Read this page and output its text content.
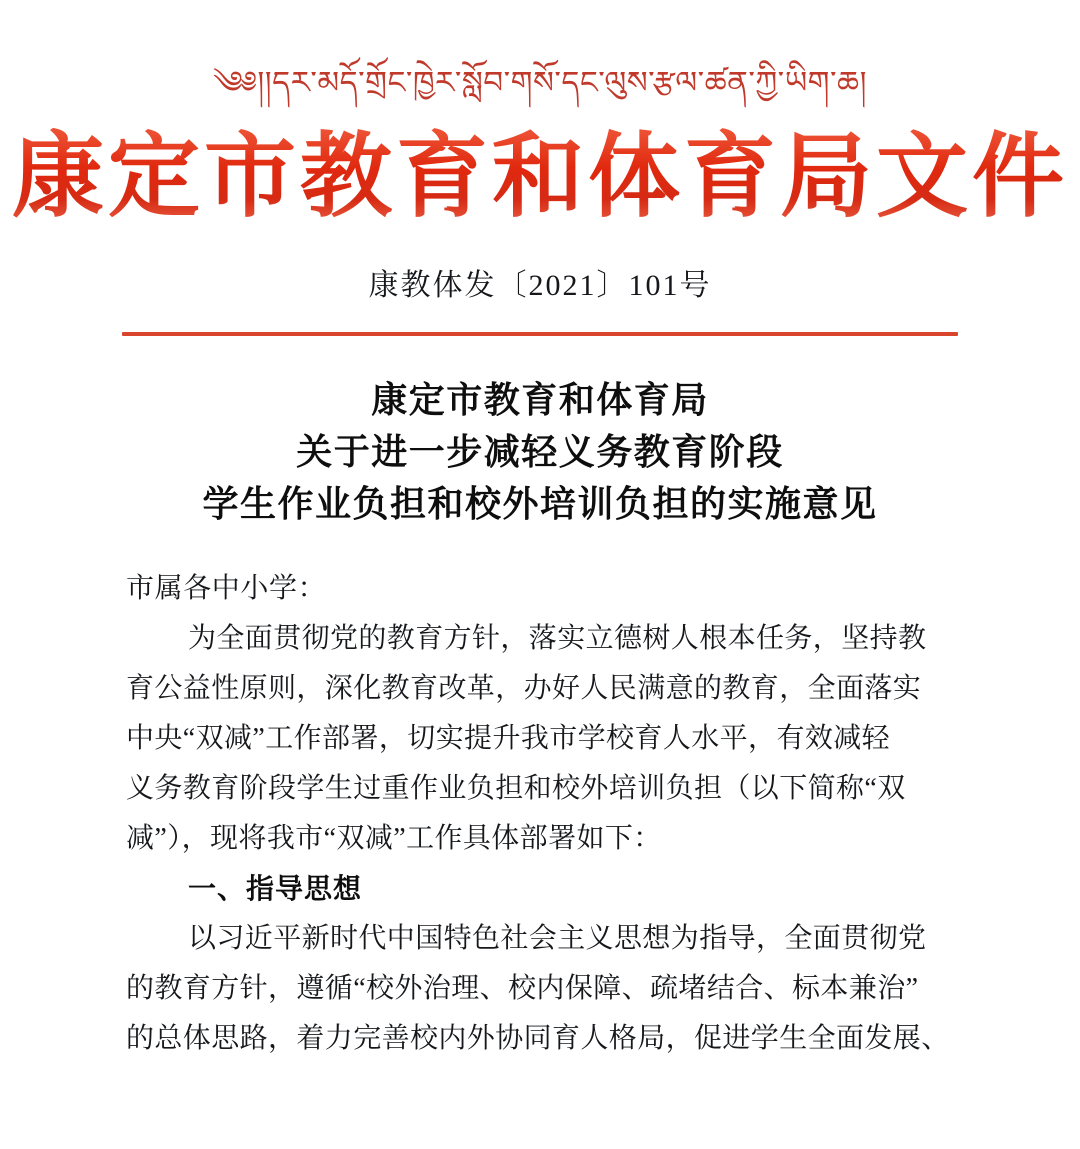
༄༅།།དར་མདོ་གྲོང་ཁྱེར་སློབ་གསོ་དང་ལུས་རྩལ་ཚན་ཀྱི་ཡིག་ཆ།
康定市教育和体育局文件
康教体发〔2021〕101号
康定市教育和体育局
关于进一步减轻义务教育阶段
学生作业负担和校外培训负担的实施意见
市属各中小学：
为全面贯彻党的教育方针，落实立德树人根本任务，坚持教
育公益性原则，深化教育改革，办好人民满意的教育，全面落实
中央“双减”工作部署，切实提升我市学校育人水平，有效减轻
义务教育阶段学生过重作业负担和校外培训负担（以下简称“双
减”），现将我市“双减”工作具体部署如下：
一、指导思想
以习近平新时代中国特色社会主义思想为指导，全面贯彻党
的教育方针，遵循“校外治理、校内保障、疏堵结合、标本兼治”
的总体思路，着力完善校内外协同育人格局，促进学生全面发展、
